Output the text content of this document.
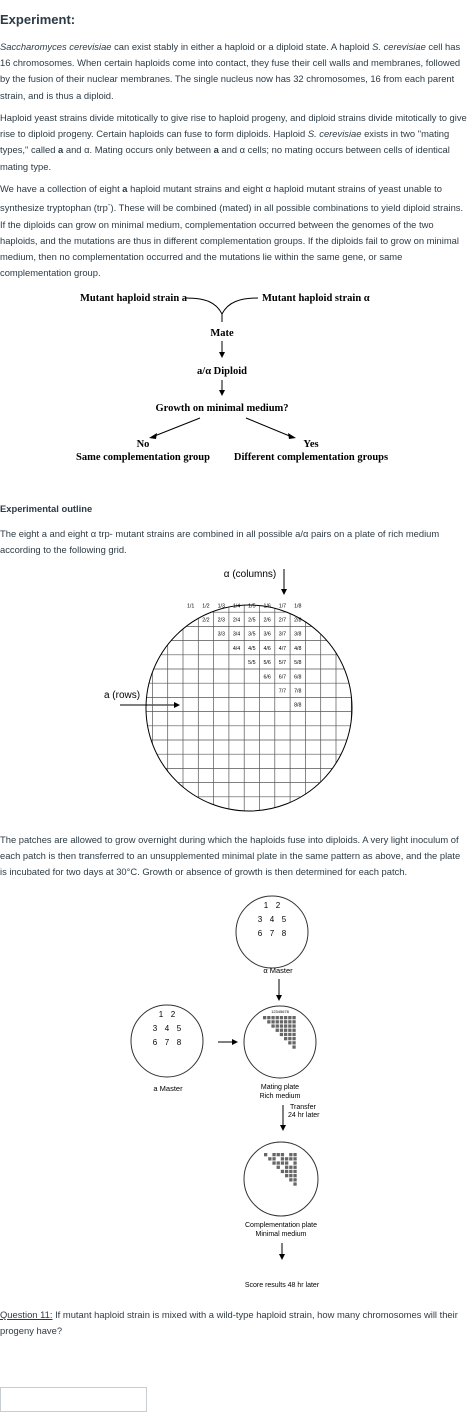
Experiment:
Saccharomyces cerevisiae can exist stably in either a haploid or a diploid state. A haploid S. cerevisiae cell has 16 chromosomes. When certain haploids come into contact, they fuse their cell walls and membranes, followed by the fusion of their nuclear membranes. The single nucleus now has 32 chromosomes, 16 from each parent strain, and is thus a diploid.
Haploid yeast strains divide mitotically to give rise to haploid progeny, and diploid strains divide mitotically to give rise to diploid progeny. Certain haploids can fuse to form diploids. Haploid S. cerevisiae exists in two "mating types," called a and α. Mating occurs only between a and α cells; no mating occurs between cells of identical mating type.
We have a collection of eight a haploid mutant strains and eight α haploid mutant strains of yeast unable to synthesize tryptophan (trp-). These will be combined (mated) in all possible combinations to yield diploid strains. If the diploids can grow on minimal medium, complementation occurred between the genomes of the two haploids, and the mutations are thus in different complementation groups. If the diploids fail to grow on minimal medium, then no complementation occurred and the mutations lie within the same gene, or same complementation group.
Mutant haploid strain a	Mutant haploid strain α
Mate
a/α Diploid
Growth on minimal medium?
No
Same complementation group
Yes
Different complementation groups
Experimental outline
The eight a and eight α trp- mutant strains are combined in all possible a/α pairs on a plate of rich medium according to the following grid.
α (columns)
a (rows)
1/1 1/2 1/3 1/4 1/5 1/6 1/7 1/8
2/2 2/3 2/4 2/5 2/6 2/7 2/8
3/3 3/4 3/5 3/6 3/7 3/8
4/4 4/5 4/6 4/7 4/8
5/5 5/6 5/7 5/8
6/6 6/7 6/8
7/7 7/8
8/8
The patches are allowed to grow overnight during which the haploids fuse into diploids. A very light inoculum of each patch is then transferred to an unsupplemented minimal plate in the same pattern as above, and the plate is incubated for two days at 30°C. Growth or absence of growth is then determined for each patch.
1 2
3 4 5
6 7 8
α Master
1 2
3 4 5
6 7 8
a Master
12345678
Mating plate
Rich medium
Transfer
24 hr later
Complementation plate
Minimal medium
Score results 48 hr later
Question 11: If mutant haploid strain is mixed with a wild-type haploid strain, how many chromosomes will their progeny have?
